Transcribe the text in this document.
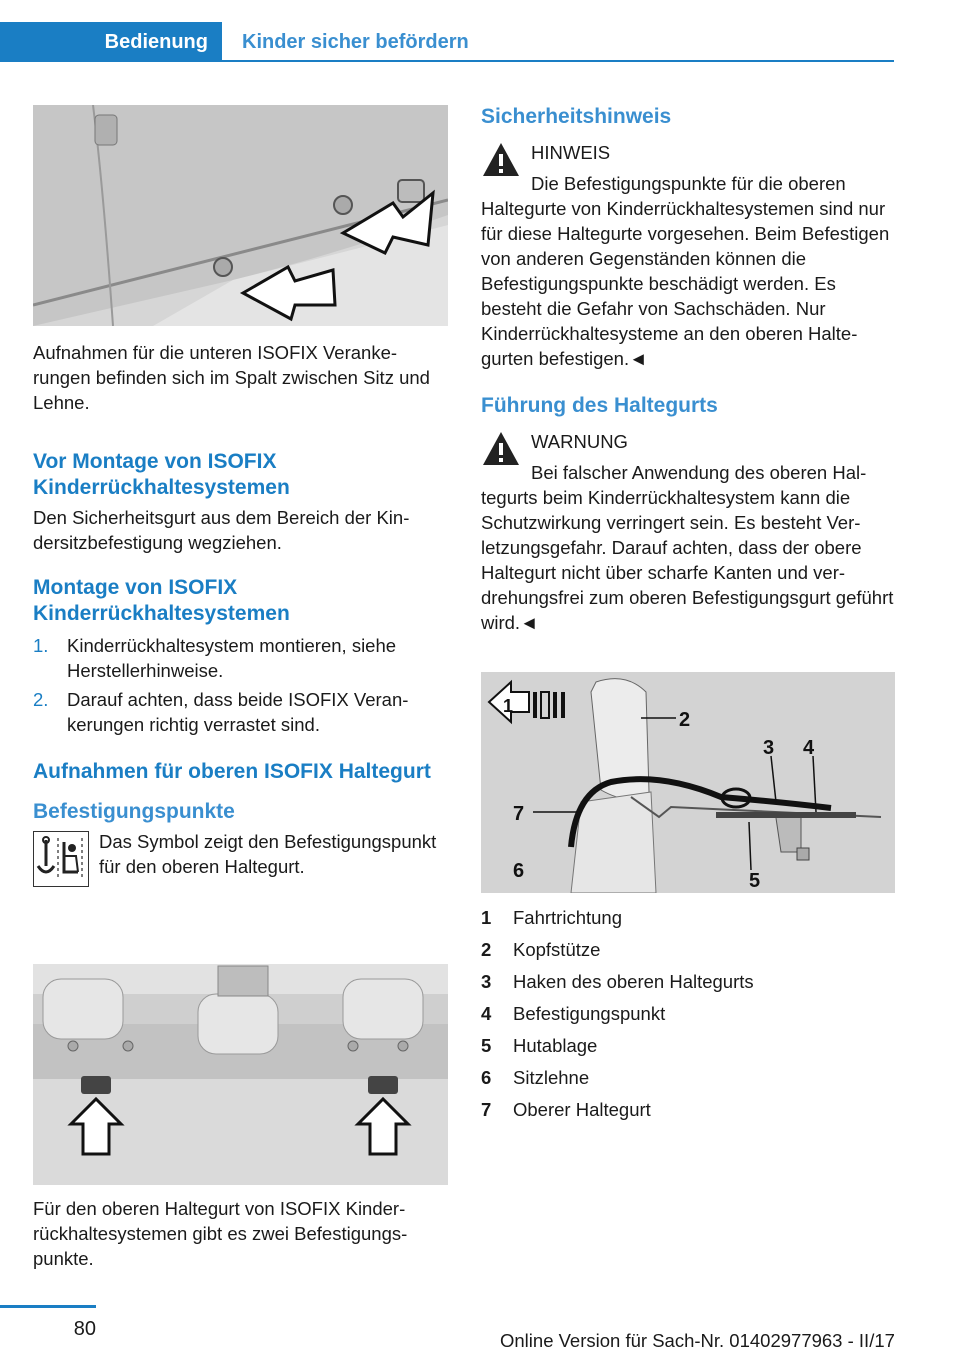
Bedienung	Kinder sicher befördern

Aufnahmen für die unteren ISOFIX Verankerungen befinden sich im Spalt zwischen Sitz und Lehne.

Vor Montage von ISOFIX Kinderrückhaltesystemen

Den Sicherheitsgurt aus dem Bereich der Kindersitzbefestigung wegziehen.

Montage von ISOFIX Kinderrückhaltesystemen

1.	Kinderrückhaltesystem montieren, siehe Herstellerhinweise.
2.	Darauf achten, dass beide ISOFIX Verankerungen richtig verrastet sind.

Aufnahmen für oberen ISOFIX Haltegurt

Befestigungspunkte

Das Symbol zeigt den Befestigungspunkt für den oberen Haltegurt.

Für den oberen Haltegurt von ISOFIX Kinderrückhaltesystemen gibt es zwei Befestigungspunkte.

Sicherheitshinweis

HINWEIS

Die Befestigungspunkte für die oberen

Haltegurte von Kinderrückhaltesystemen sind nur für diese Haltegurte vorgesehen. Beim Befestigen von anderen Gegenständen können die Befestigungspunkte beschädigt werden. Es besteht die Gefahr von Sachschäden. Nur Kinderrückhaltesysteme an den oberen Haltegurten befestigen.◄

Führung des Haltegurts

WARNUNG

Bei falscher Anwendung des oberen Hal-

tegurts beim Kinderrückhaltesystem kann die Schutzwirkung verringert sein. Es besteht Verletzungsgefahr. Darauf achten, dass der obere Haltegurt nicht über scharfe Kanten und verdrehungsfrei zum oberen Befestigungsgurt geführt wird.◄

1
2
3 4
5
6
7
1	Fahrtrichtung
2	Kopfstütze
3	Haken des oberen Haltegurts
4	Befestigungspunkt
5	Hutablage
6	Sitzlehne
7	Oberer Haltegurt
80
Online Version für Sach-Nr. 01402977963 - II/17
